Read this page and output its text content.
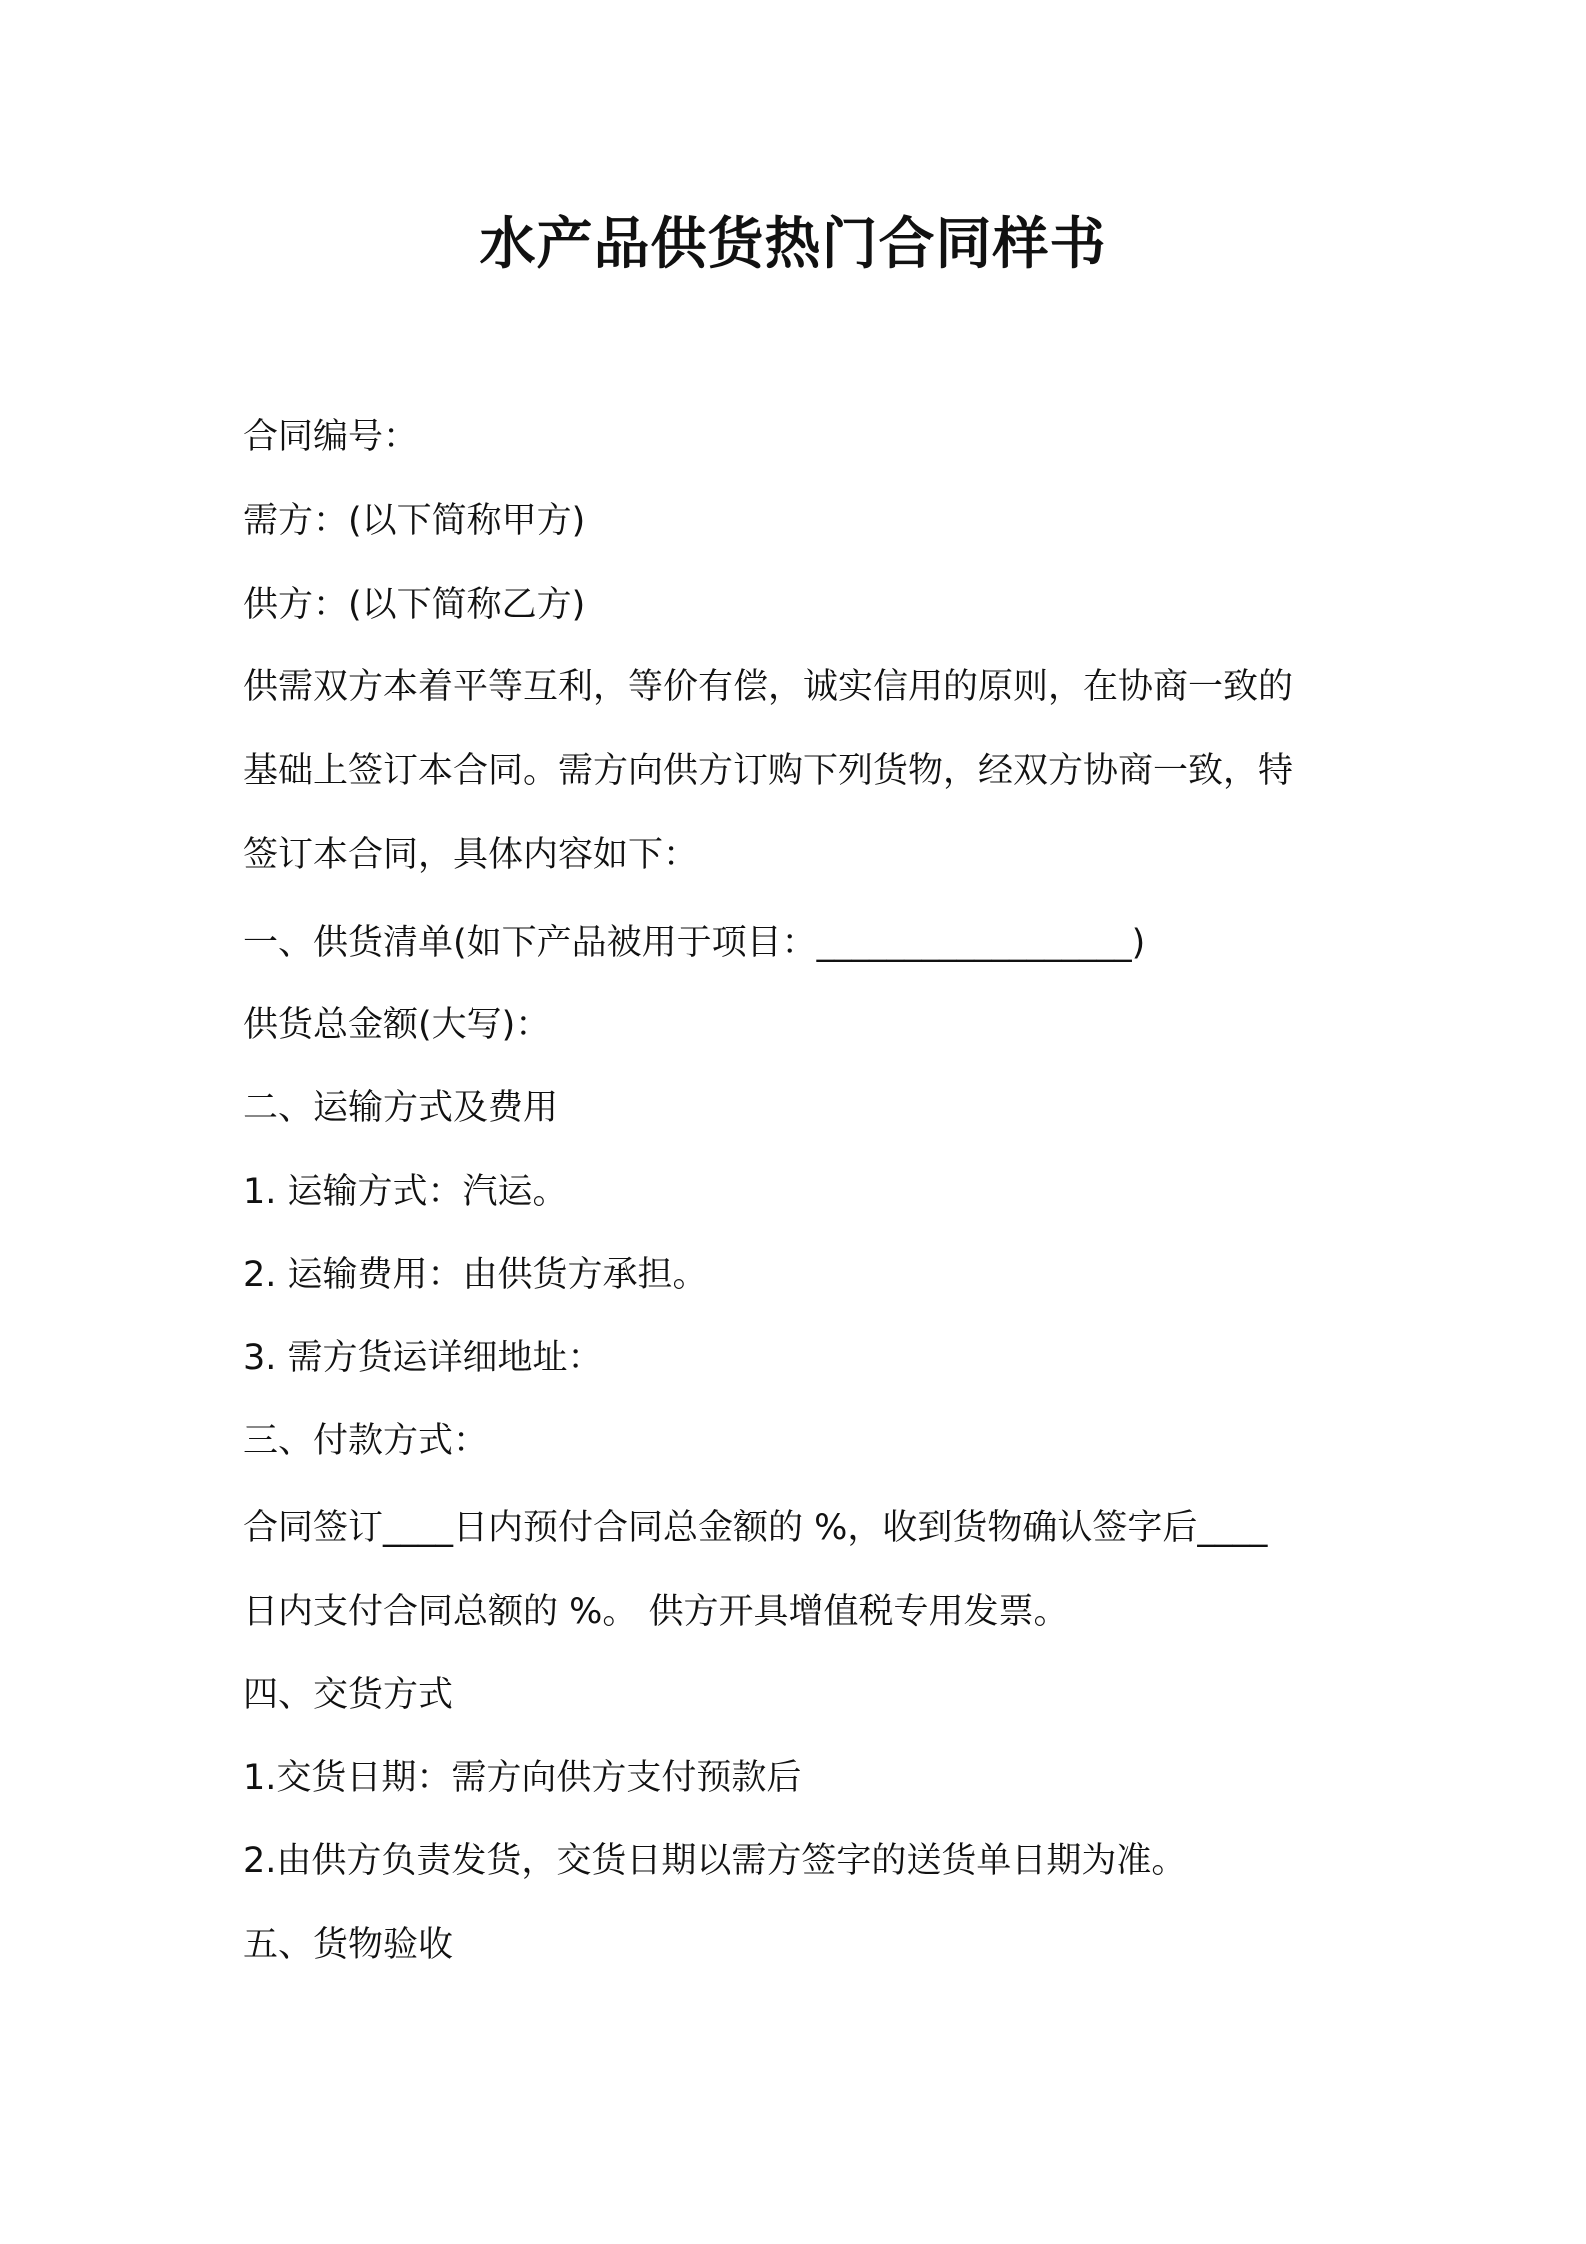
水产品供货热门合同样书
合同编号：
需方：(以下简称甲方)
供方：(以下简称乙方)
供需双方本着平等互利，等价有偿，诚实信用的原则，在协商一致的
基础上签订本合同。需方向供方订购下列货物，经双方协商一致，特
签订本合同，具体内容如下：
一、供货清单(如下产品被用于项目：__________________)
供货总金额(大写)：
二、运输方式及费用
1. 运输方式：汽运。
2. 运输费用：由供货方承担。
3. 需方货运详细地址：
三、付款方式：
合同签订____日内预付合同总金额的 %，收到货物确认签字后____
日内支付合同总额的 %。 供方开具增值税专用发票。
四、交货方式
1.交货日期：需方向供方支付预款后
2.由供方负责发货，交货日期以需方签字的送货单日期为准。
五、货物验收
